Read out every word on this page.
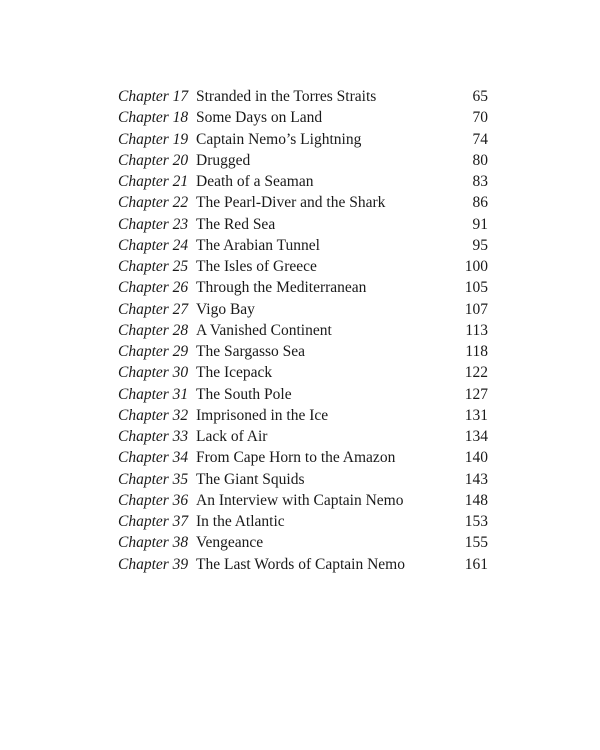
Chapter 17 Stranded in the Torres Straits	65
Chapter 18 Some Days on Land	70
Chapter 19 Captain Nemo’s Lightning	74
Chapter 20 Drugged	80
Chapter 21 Death of a Seaman	83
Chapter 22 The Pearl-Diver and the Shark	86
Chapter 23 The Red Sea	91
Chapter 24 The Arabian Tunnel	95
Chapter 25 The Isles of Greece	100
Chapter 26 Through the Mediterranean	105
Chapter 27 Vigo Bay	107
Chapter 28 A Vanished Continent	113
Chapter 29 The Sargasso Sea	118
Chapter 30 The Icepack	122
Chapter 31 The South Pole	127
Chapter 32 Imprisoned in the Ice	131
Chapter 33 Lack of Air	134
Chapter 34 From Cape Horn to the Amazon	140
Chapter 35 The Giant Squids	143
Chapter 36 An Interview with Captain Nemo	148
Chapter 37 In the Atlantic	153
Chapter 38 Vengeance	155
Chapter 39 The Last Words of Captain Nemo	161
